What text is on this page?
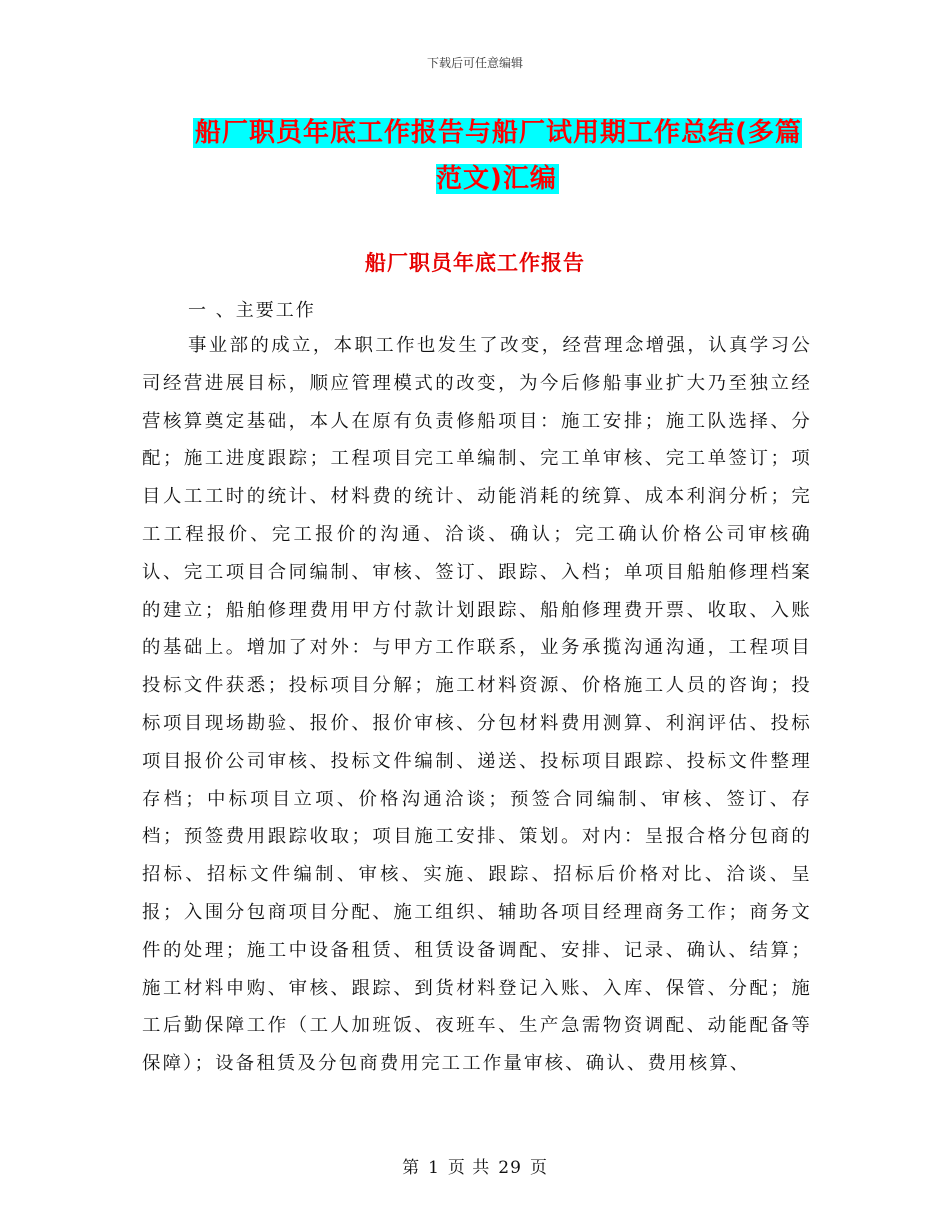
下载后可任意编辑
船厂职员年底工作报告与船厂试用期工作总结(多篇范文)汇编
船厂职员年底工作报告
一 、主要工作

事业部的成立，本职工作也发生了改变，经营理念增强，认真学习公司经营进展目标，顺应管理模式的改变，为今后修船事业扩大乃至独立经营核算奠定基础，本人在原有负责修船项目：施工安排；施工队选择、分配；施工进度跟踪；工程项目完工单编制、完工单审核、完工单签订；项目人工工时的统计、材料费的统计、动能消耗的统算、成本利润分析；完工工程报价、完工报价的沟通、洽谈、确认；完工确认价格公司审核确认、完工项目合同编制、审核、签订、跟踪、入档；单项目船舶修理档案的建立；船舶修理费用甲方付款计划跟踪、船舶修理费开票、收取、入账的基础上。增加了对外：与甲方工作联系，业务承揽沟通沟通，工程项目投标文件获悉；投标项目分解；施工材料资源、价格施工人员的咨询；投标项目现场勘验、报价、报价审核、分包材料费用测算、利润评估、投标项目报价公司审核、投标文件编制、递送、投标项目跟踪、投标文件整理存档；中标项目立项、价格沟通洽谈；预签合同编制、审核、签订、存档；预签费用跟踪收取；项目施工安排、策划。对内：呈报合格分包商的招标、招标文件编制、审核、实施、跟踪、招标后价格对比、洽谈、呈报；入围分包商项目分配、施工组织、辅助各项目经理商务工作；商务文件的处理；施工中设备租赁、租赁设备调配、安排、记录、确认、结算；施工材料申购、审核、跟踪、到货材料登记入账、入库、保管、分配；施工后勤保障工作（工人加班饭、夜班车、生产急需物资调配、动能配备等保障）；设备租赁及分包商费用完工工作量审核、确认、费用核算、

第 1 页 共 29 页
